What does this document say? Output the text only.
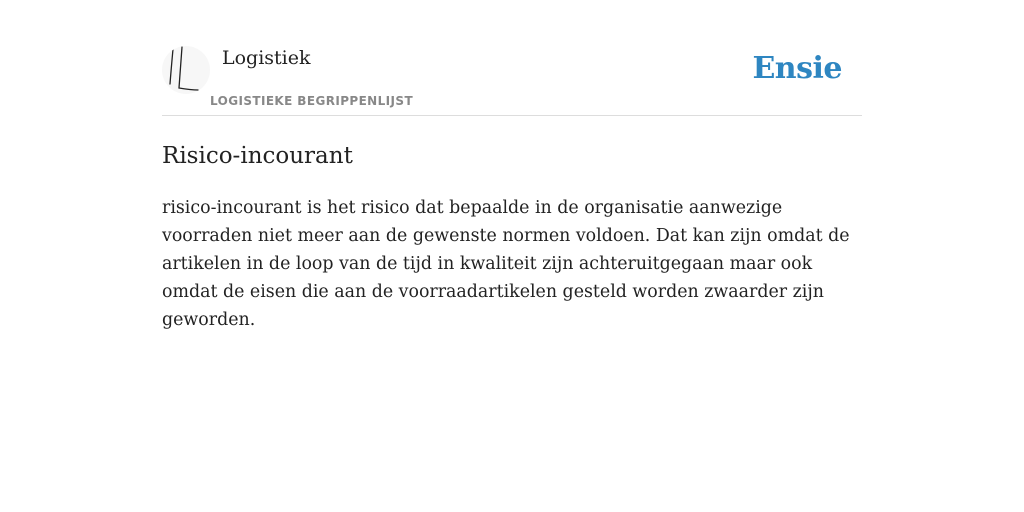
Logistiek
LOGISTIEKE BEGRIPPENLIJST
Ensie
Risico-incourant

risico-incourant is het risico dat bepaalde in de organisatie aanwezige voorraden niet meer aan de gewenste normen voldoen. Dat kan zijn omdat de artikelen in de loop van de tijd in kwaliteit zijn achteruitgegaan maar ook omdat de eisen die aan de voorraadartikelen gesteld worden zwaarder zijn geworden.
